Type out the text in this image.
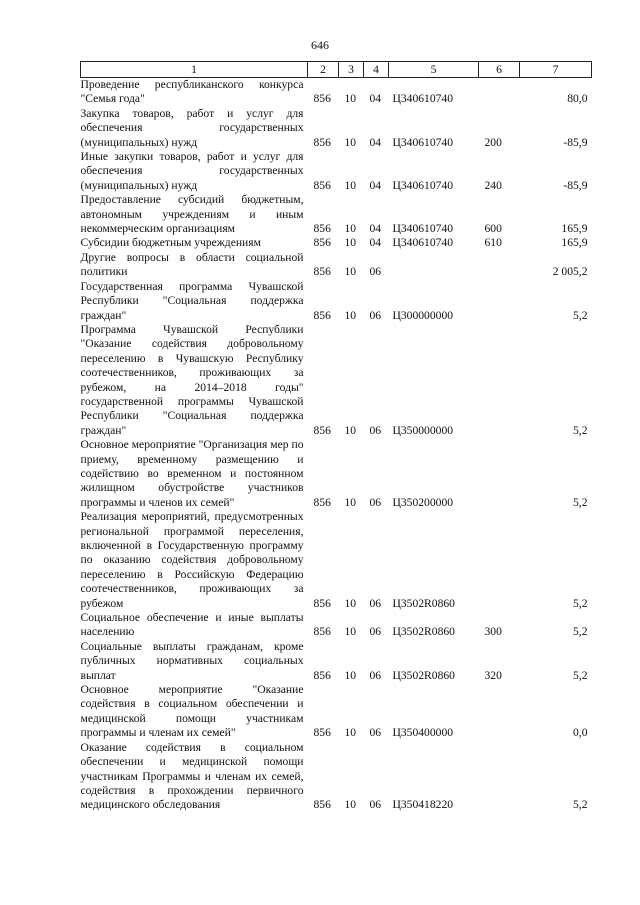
646
1	2	3	4	5	6	7
Проведение республиканского конкурса "Семья года"	856	10	04	Ц340610740		80,0
Закупка товаров, работ и услуг для обеспечения государственных (муниципальных) нужд	856	10	04	Ц340610740	200	-85,9
Иные закупки товаров, работ и услуг для обеспечения государственных (муниципальных) нужд	856	10	04	Ц340610740	240	-85,9
Предоставление субсидий бюджетным, автономным учреждениям и иным некоммерческим организациям	856	10	04	Ц340610740	600	165,9
Субсидии бюджетным учреждениям	856	10	04	Ц340610740	610	165,9
Другие вопросы в области социальной политики	856	10	06			2 005,2
Государственная программа Чувашской Республики "Социальная поддержка граждан"	856	10	06	Ц300000000		5,2
Программа Чувашской Республики "Оказание содействия добровольному переселению в Чувашскую Республику соотечественников, проживающих за рубежом, на 2014–2018 годы" государственной программы Чувашской Республики "Социальная поддержка граждан"	856	10	06	Ц350000000		5,2
Основное мероприятие "Организация мер по приему, временному размещению и содействию во временном и постоянном жилищном обустройстве участников программы и членов их семей"	856	10	06	Ц350200000		5,2
Реализация мероприятий, предусмотренных региональной программой переселения, включенной в Государственную программу по оказанию содействия добровольному переселению в Российскую Федерацию соотечественников, проживающих за рубежом	856	10	06	Ц3502R0860		5,2
Социальное обеспечение и иные выплаты населению	856	10	06	Ц3502R0860	300	5,2
Социальные выплаты гражданам, кроме публичных нормативных социальных выплат	856	10	06	Ц3502R0860	320	5,2
Основное мероприятие "Оказание содействия в социальном обеспечении и медицинской помощи участникам программы и членам их семей"	856	10	06	Ц350400000		0,0
Оказание содействия в социальном обеспечении и медицинской помощи участникам Программы и членам их семей, содействия в прохождении первичного медицинского обследования	856	10	06	Ц350418220		5,2
